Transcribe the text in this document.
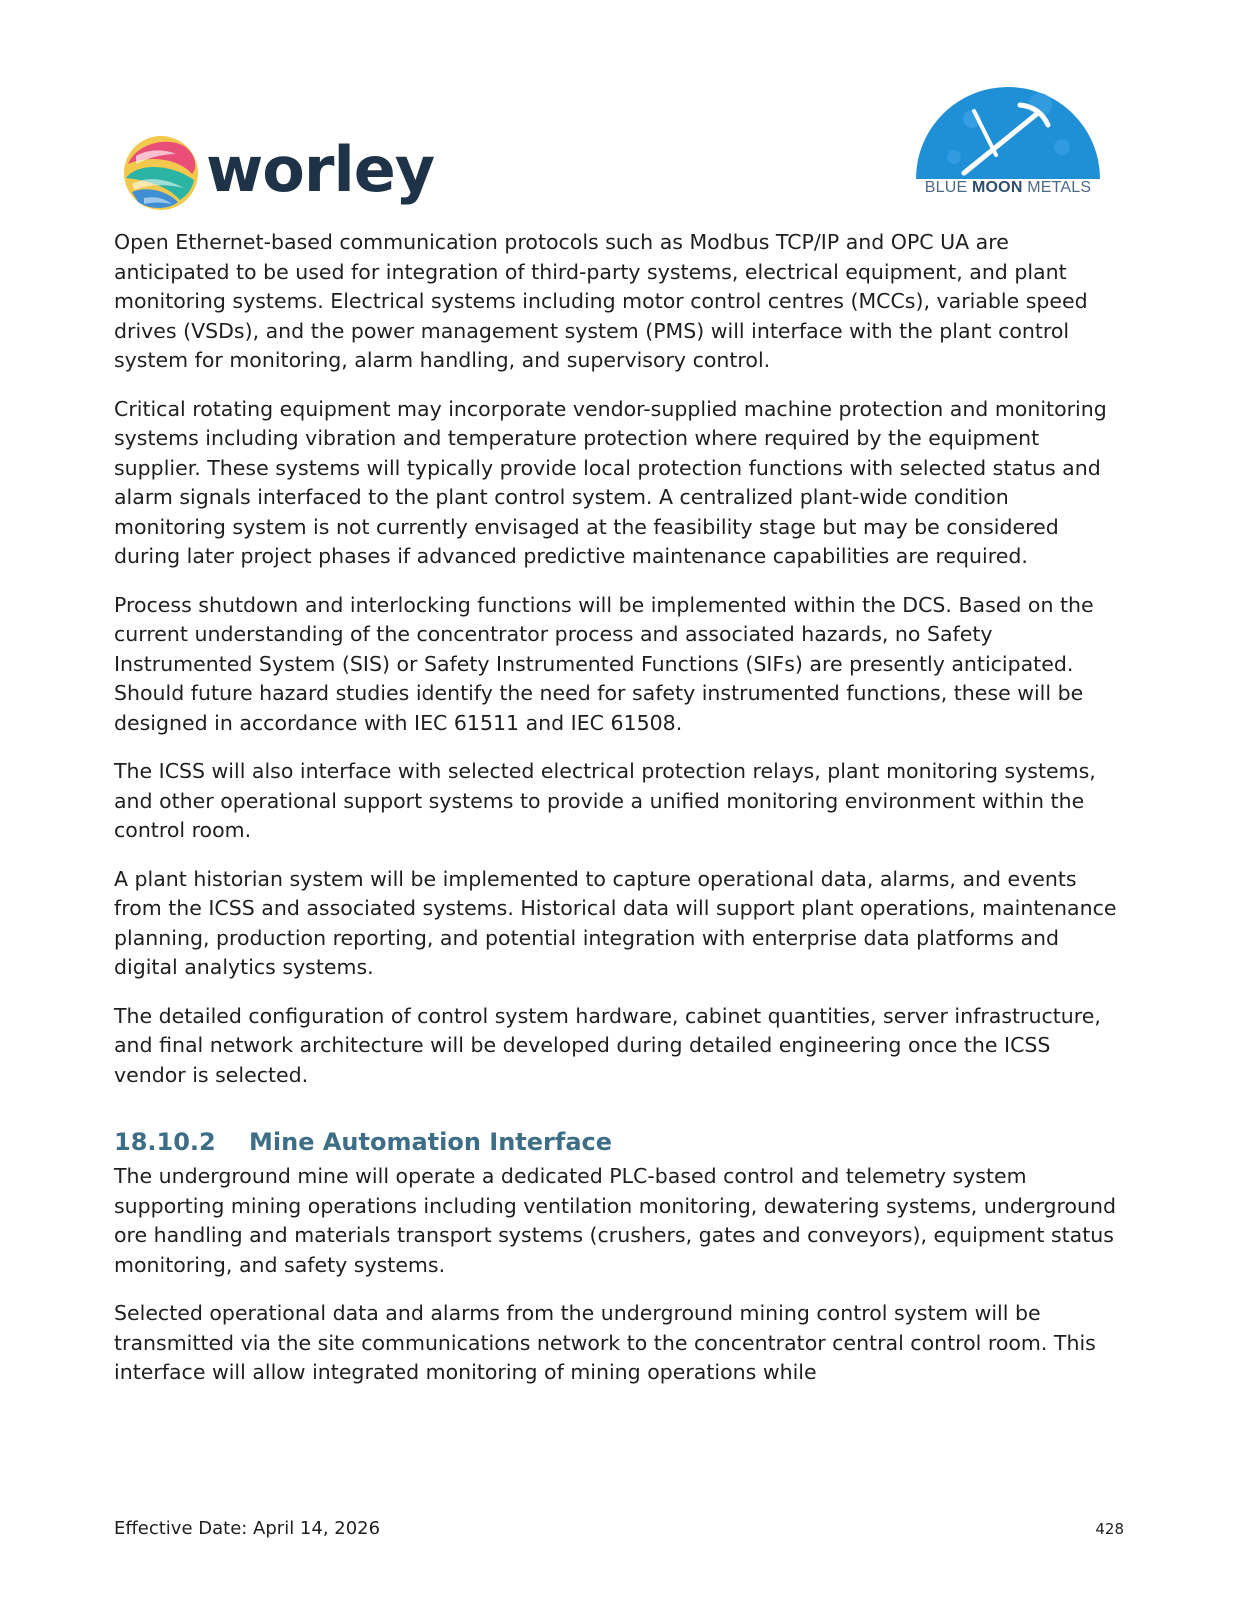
worley	BLUE MOON METALS

Open Ethernet-based communication protocols such as Modbus TCP/IP and OPC UA are anticipated to be used for integration of third-party systems, electrical equipment, and plant monitoring systems. Electrical systems including motor control centres (MCCs), variable speed drives (VSDs), and the power management system (PMS) will interface with the plant control system for monitoring, alarm handling, and supervisory control.

Critical rotating equipment may incorporate vendor-supplied machine protection and monitoring systems including vibration and temperature protection where required by the equipment supplier. These systems will typically provide local protection functions with selected status and alarm signals interfaced to the plant control system. A centralized plant-wide condition monitoring system is not currently envisaged at the feasibility stage but may be considered during later project phases if advanced predictive maintenance capabilities are required.

Process shutdown and interlocking functions will be implemented within the DCS. Based on the current understanding of the concentrator process and associated hazards, no Safety Instrumented System (SIS) or Safety Instrumented Functions (SIFs) are presently anticipated. Should future hazard studies identify the need for safety instrumented functions, these will be designed in accordance with IEC 61511 and IEC 61508.

The ICSS will also interface with selected electrical protection relays, plant monitoring systems, and other operational support systems to provide a unified monitoring environment within the control room.

A plant historian system will be implemented to capture operational data, alarms, and events from the ICSS and associated systems. Historical data will support plant operations, maintenance planning, production reporting, and potential integration with enterprise data platforms and digital analytics systems.

The detailed configuration of control system hardware, cabinet quantities, server infrastructure, and final network architecture will be developed during detailed engineering once the ICSS vendor is selected.

18.10.2 Mine Automation Interface

The underground mine will operate a dedicated PLC-based control and telemetry system supporting mining operations including ventilation monitoring, dewatering systems, underground ore handling and materials transport systems (crushers, gates and conveyors), equipment status monitoring, and safety systems.

Selected operational data and alarms from the underground mining control system will be transmitted via the site communications network to the concentrator central control room. This interface will allow integrated monitoring of mining operations while

Effective Date: April 14, 2026	428
